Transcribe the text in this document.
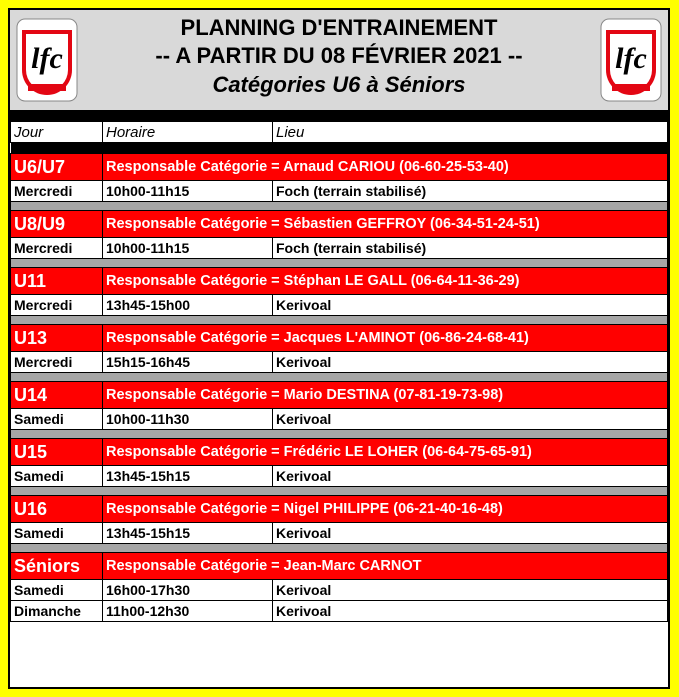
lfc	lfc
PLANNING D'ENTRAINEMENT
-- A PARTIR DU 08 FÉVRIER 2021 --
Catégories U6 à Séniors
Jour	Horaire	Lieu

U6/U7	Responsable Catégorie = Arnaud CARIOU (06-60-25-53-40)	
Mercredi	10h00-11h15	Foch (terrain stabilisé)

U8/U9	Responsable Catégorie = Sébastien GEFFROY (06-34-51-24-51)	
Mercredi	10h00-11h15	Foch (terrain stabilisé)

U11	Responsable Catégorie = Stéphan LE GALL (06-64-11-36-29)	
Mercredi	13h45-15h00	Kerivoal

U13	Responsable Catégorie = Jacques L'AMINOT (06-86-24-68-41)	
Mercredi	15h15-16h45	Kerivoal

U14	Responsable Catégorie = Mario DESTINA (07-81-19-73-98)	
Samedi	10h00-11h30	Kerivoal

U15	Responsable Catégorie = Frédéric LE LOHER (06-64-75-65-91)	
Samedi	13h45-15h15	Kerivoal

U16	Responsable Catégorie = Nigel PHILIPPE (06-21-40-16-48)	
Samedi	13h45-15h15	Kerivoal

Séniors	Responsable Catégorie = Jean-Marc CARNOT	
Samedi	16h00-17h30	Kerivoal
Dimanche	11h00-12h30	Kerivoal
